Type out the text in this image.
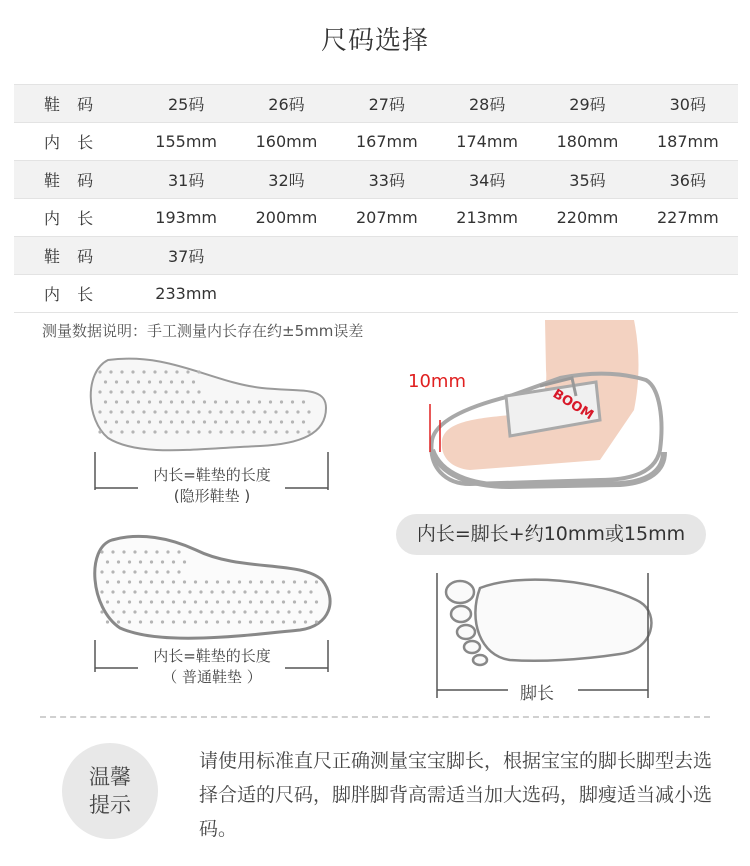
尺码选择
鞋 码	25码	26码	27码	28码	29码	30码
内 长	155mm	160mm	167mm	174mm	180mm	187mm
鞋 码	31码	32吗	33码	34码	35码	36码
内 长	193mm	200mm	207mm	213mm	220mm	227mm
鞋 码	37码					
内 长	233mm					
测量数据说明：手工测量内长存在约±5mm误差
BOOM
10mm
内长=鞋垫的长度
(隐形鞋垫 )
内长=鞋垫的长度
（ 普通鞋垫 ）
内长=脚长+约10mm或15mm
脚长
温馨
提示
请使用标准直尺正确测量宝宝脚长，根据宝宝的脚长脚型去选择合适的尺码，脚胖脚背高需适当加大选码，脚瘦适当减小选码。
